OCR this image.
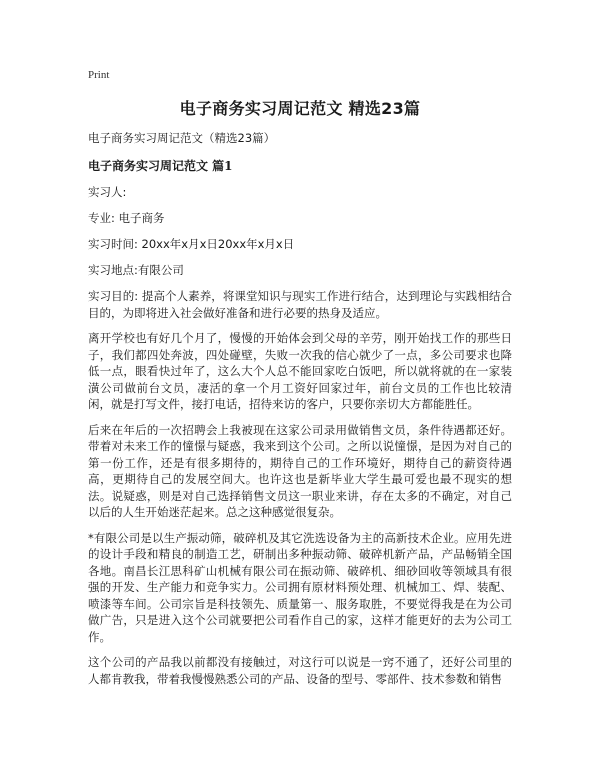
Print
电子商务实习周记范文 精选23篇
电子商务实习周记范文（精选23篇）
电子商务实习周记范文 篇1
实习人:
专业: 电子商务
实习时间: 20xx年x月x日20xx年x月x日
实习地点:有限公司

实习目的: 提高个人素养，将课堂知识与现实工作进行结合，达到理论与实践相结合目的，为即将进入社会做好准备和进行必要的热身及适应。

离开学校也有好几个月了，慢慢的开始体会到父母的辛劳，刚开始找工作的那些日子，我们都四处奔波，四处碰壁，失败一次我的信心就少了一点，多公司要求也降低一点，眼看快过年了，这么大个人总不能回家吃白饭吧，所以就将就的在一家装潢公司做前台文员，凄活的拿一个月工资好回家过年，前台文员的工作也比较清闲，就是打写文件，接打电话，招待来访的客户，只要你亲切大方都能胜任。

后来在年后的一次招聘会上我被现在这家公司录用做销售文员，条件待遇都还好。带着对未来工作的憧憬与疑惑，我来到这个公司。之所以说憧憬，是因为对自己的第一份工作，还是有很多期待的，期待自己的工作环境好，期待自己的薪资待遇高，更期待自己的发展空间大。也许这也是新毕业大学生最可爱也最不现实的想法。说疑惑，则是对自己选择销售文员这一职业来讲，存在太多的不确定，对自己以后的人生开始迷茫起来。总之这种感觉很复杂。

*有限公司是以生产振动筛，破碎机及其它洗选设备为主的高新技术企业。应用先进的设计手段和精良的制造工艺，研制出多种振动筛、破碎机新产品，产品畅销全国各地。南昌长江思科矿山机械有限公司在振动筛、破碎机、细砂回收等领域具有很强的开发、生产能力和竞争实力。公司拥有原材料预处理、机械加工、焊、装配、喷漆等车间。公司宗旨是科技领先、质量第一、服务取胜，不要觉得我是在为公司做广告，只是进入这个公司就要把公司看作自己的家，这样才能更好的去为公司工作。

这个公司的产品我以前都没有接触过，对这行可以说是一窍不通了，还好公司里的人都肯教我，带着我慢慢熟悉公司的产品、设备的型号、零部件、技术参数和销售
